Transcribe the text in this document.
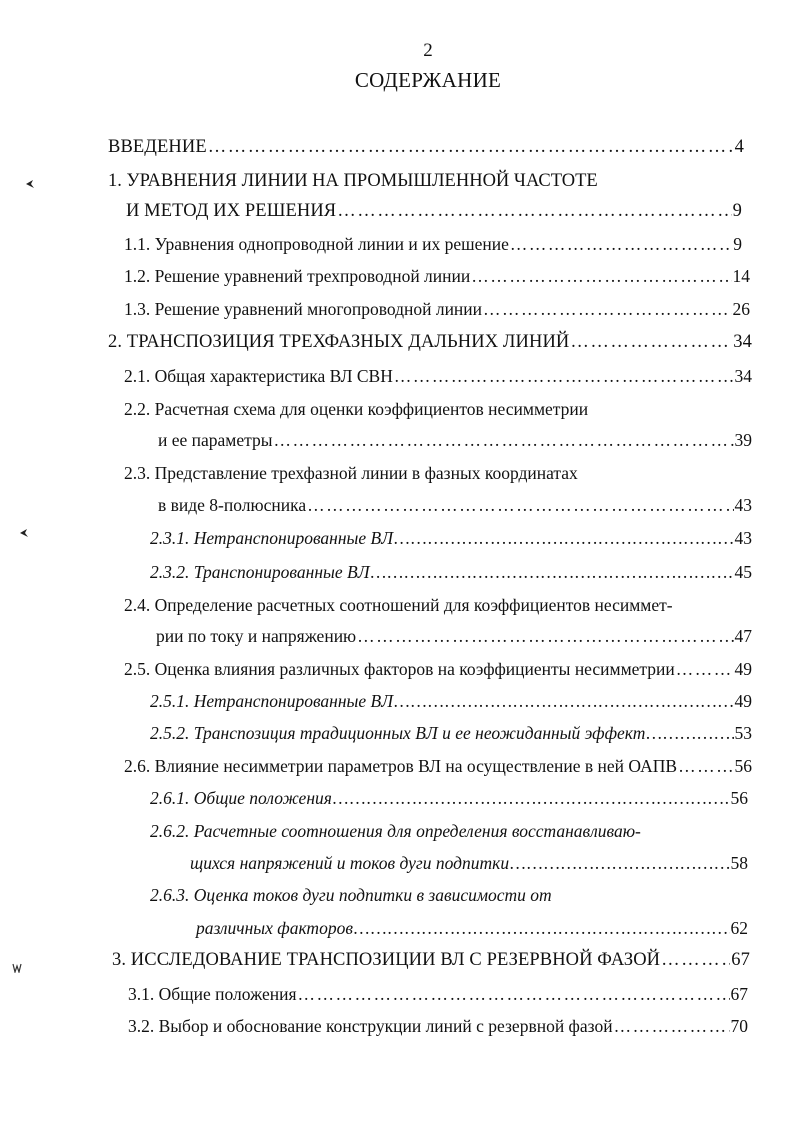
2
СОДЕРЖАНИЕ
ВВЕДЕНИЕ ………………………………………………………………………………………………………………………………………………………………………………………………	4
1. УРАВНЕНИЯ ЛИНИИ НА ПРОМЫШЛЕННОЙ ЧАСТОТЕ
И МЕТОД ИХ РЕШЕНИЯ ………………………………………………………………………………………………………………………………………………………………………………………………	9
1.1. Уравнения однопроводной линии и их решение ………………………………………………………………………………………………………………………………………………………………………………………………	9
1.2. Решение уравнений трехпроводной линии ………………………………………………………………………………………………………………………………………………………………………………………………	14
1.3. Решение уравнений многопроводной линии ………………………………………………………………………………………………………………………………………………………………………………………………	26
2. ТРАНСПОЗИЦИЯ ТРЕХФАЗНЫХ ДАЛЬНИХ ЛИНИЙ ………………………………………………………………………………………………………………………………………………………………………………………………	34
2.1. Общая характеристика ВЛ СВН ………………………………………………………………………………………………………………………………………………………………………………………………	34
2.2. Расчетная схема для оценки коэффициентов несимметрии
и ее параметры ………………………………………………………………………………………………………………………………………………………………………………………………	39
2.3. Представление трехфазной линии в фазных координатах
в виде 8-полюсника ………………………………………………………………………………………………………………………………………………………………………………………………	43
2.3.1. Нетранспонированные ВЛ ………………………………………………………………………………………………………………………………………………………………………………………………	43
2.3.2. Транспонированные ВЛ ………………………………………………………………………………………………………………………………………………………………………………………………	45
2.4. Определение расчетных соотношений для коэффициентов несиммет-
рии по току и напряжению ………………………………………………………………………………………………………………………………………………………………………………………………	47
2.5. Оценка влияния различных факторов на коэффициенты несимметрии ………………………………………………………………………………………………………………………………………………………………………………………………	49
2.5.1. Нетранспонированные ВЛ ………………………………………………………………………………………………………………………………………………………………………………………………	49
2.5.2. Транспозиция традиционных ВЛ и ее неожиданный эффект ………………………………………………………………………………………………………………………………………………………………………………………………	53
2.6. Влияние несимметрии параметров ВЛ на осуществление в ней ОАПВ ………………………………………………………………………………………………………………………………………………………………………………………………	56
2.6.1. Общие положения ………………………………………………………………………………………………………………………………………………………………………………………………	56
2.6.2. Расчетные соотношения для определения восстанавливаю-
щихся напряжений и токов дуги подпитки ………………………………………………………………………………………………………………………………………………………………………………………………	58
2.6.3. Оценка токов дуги подпитки в зависимости от
различных факторов ………………………………………………………………………………………………………………………………………………………………………………………………	62
3. ИССЛЕДОВАНИЕ ТРАНСПОЗИЦИИ ВЛ С РЕЗЕРВНОЙ ФАЗОЙ ………………………………………………………………………………………………………………………………………………………………………………………………	67
3.1. Общие положения ………………………………………………………………………………………………………………………………………………………………………………………………	67
3.2. Выбор и обоснование конструкции линий с резервной фазой ………………………………………………………………………………………………………………………………………………………………………………………………	70
